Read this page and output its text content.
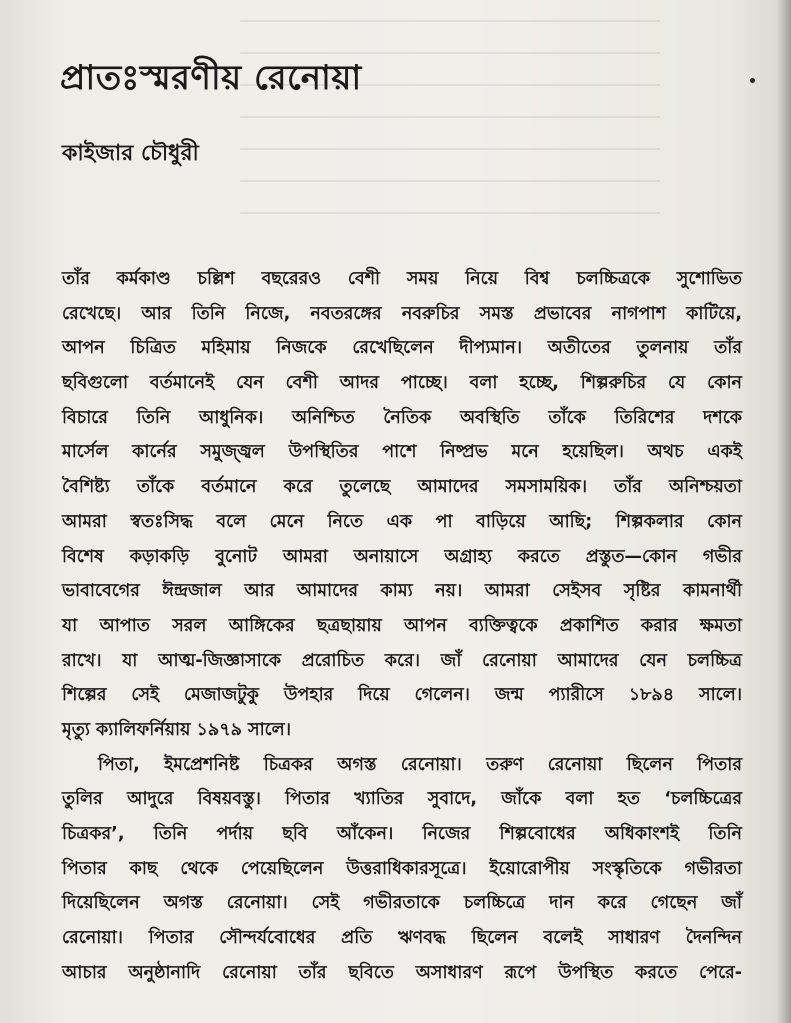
প্রাতঃস্মরণীয় রেনোয়া
কাইজার চৌধুরী
তাঁর কর্মকাণ্ড চল্লিশ বছরেরও বেশী সময় নিয়ে বিশ্ব চলচ্চিত্রকে সুশোভিত
রেখেছে। আর তিনি নিজে, নবতরঙ্গের নবরুচির সমস্ত প্রভাবের নাগপাশ কাটিয়ে,
আপন চিত্রিত মহিমায় নিজকে রেখেছিলেন দীপ্যমান। অতীতের তুলনায় তাঁর
ছবিগুলো বর্তমানেই যেন বেশী আদর পাচ্ছে। বলা হচ্ছে, শিল্পরুচির যে কোন
বিচারে তিনি আধুনিক। অনিশ্চিত নৈতিক অবস্থিতি তাঁকে তিরিশের দশকে
মার্সেল কার্নের সমুজ্জ্বল উপস্থিতির পাশে নিষ্প্রভ মনে হয়েছিল। অথচ একই
বৈশিষ্ট্য তাঁকে বর্তমানে করে তুলেছে আমাদের সমসাময়িক। তাঁর অনিশ্চয়তা
আমরা স্বতঃসিদ্ধ বলে মেনে নিতে এক পা বাড়িয়ে আছি; শিল্পকলার কোন
বিশেষ কড়াকড়ি বুনোট আমরা অনায়াসে অগ্রাহ্য করতে প্রস্তুত—কোন গভীর
ভাবাবেগের ঈন্দ্রজাল আর আমাদের কাম্য নয়। আমরা সেইসব সৃষ্টির কামনার্থী
যা আপাত সরল আঙ্গিকের ছত্রছায়ায় আপন ব্যক্তিত্বকে প্রকাশিত করার ক্ষমতা
রাখে। যা আত্ম-জিজ্ঞাসাকে প্ররোচিত করে। জাঁ রেনোয়া আমাদের যেন চলচ্চিত্র
শিল্পের সেই মেজাজটুকু উপহার দিয়ে গেলেন। জন্ম প্যারীসে ১৮৯৪ সালে।
মৃত্যু ক্যালিফর্নিয়ায় ১৯৭৯ সালে।
পিতা, ইমপ্রেশনিষ্ট চিত্রকর অগস্ত রেনোয়া। তরুণ রেনোয়া ছিলেন পিতার
তুলির আদুরে বিষয়বস্তু। পিতার খ্যাতির সুবাদে, জাঁকে বলা হত ‘চলচ্চিত্রের
চিত্রকর’, তিনি পর্দায় ছবি আঁকেন। নিজের শিল্পবোধের অধিকাংশই তিনি
পিতার কাছ থেকে পেয়েছিলেন উত্তরাধিকারসূত্রে। ইয়োরোপীয় সংস্কৃতিকে গভীরতা
দিয়েছিলেন অগস্ত রেনোয়া। সেই গভীরতাকে চলচ্চিত্রে দান করে গেছেন জাঁ
রেনোয়া। পিতার সৌন্দর্যবোধের প্রতি ঋণবদ্ধ ছিলেন বলেই সাধারণ দৈনন্দিন
আচার অনুষ্ঠানাদি রেনোয়া তাঁর ছবিতে অসাধারণ রূপে উপস্থিত করতে পেরে-
